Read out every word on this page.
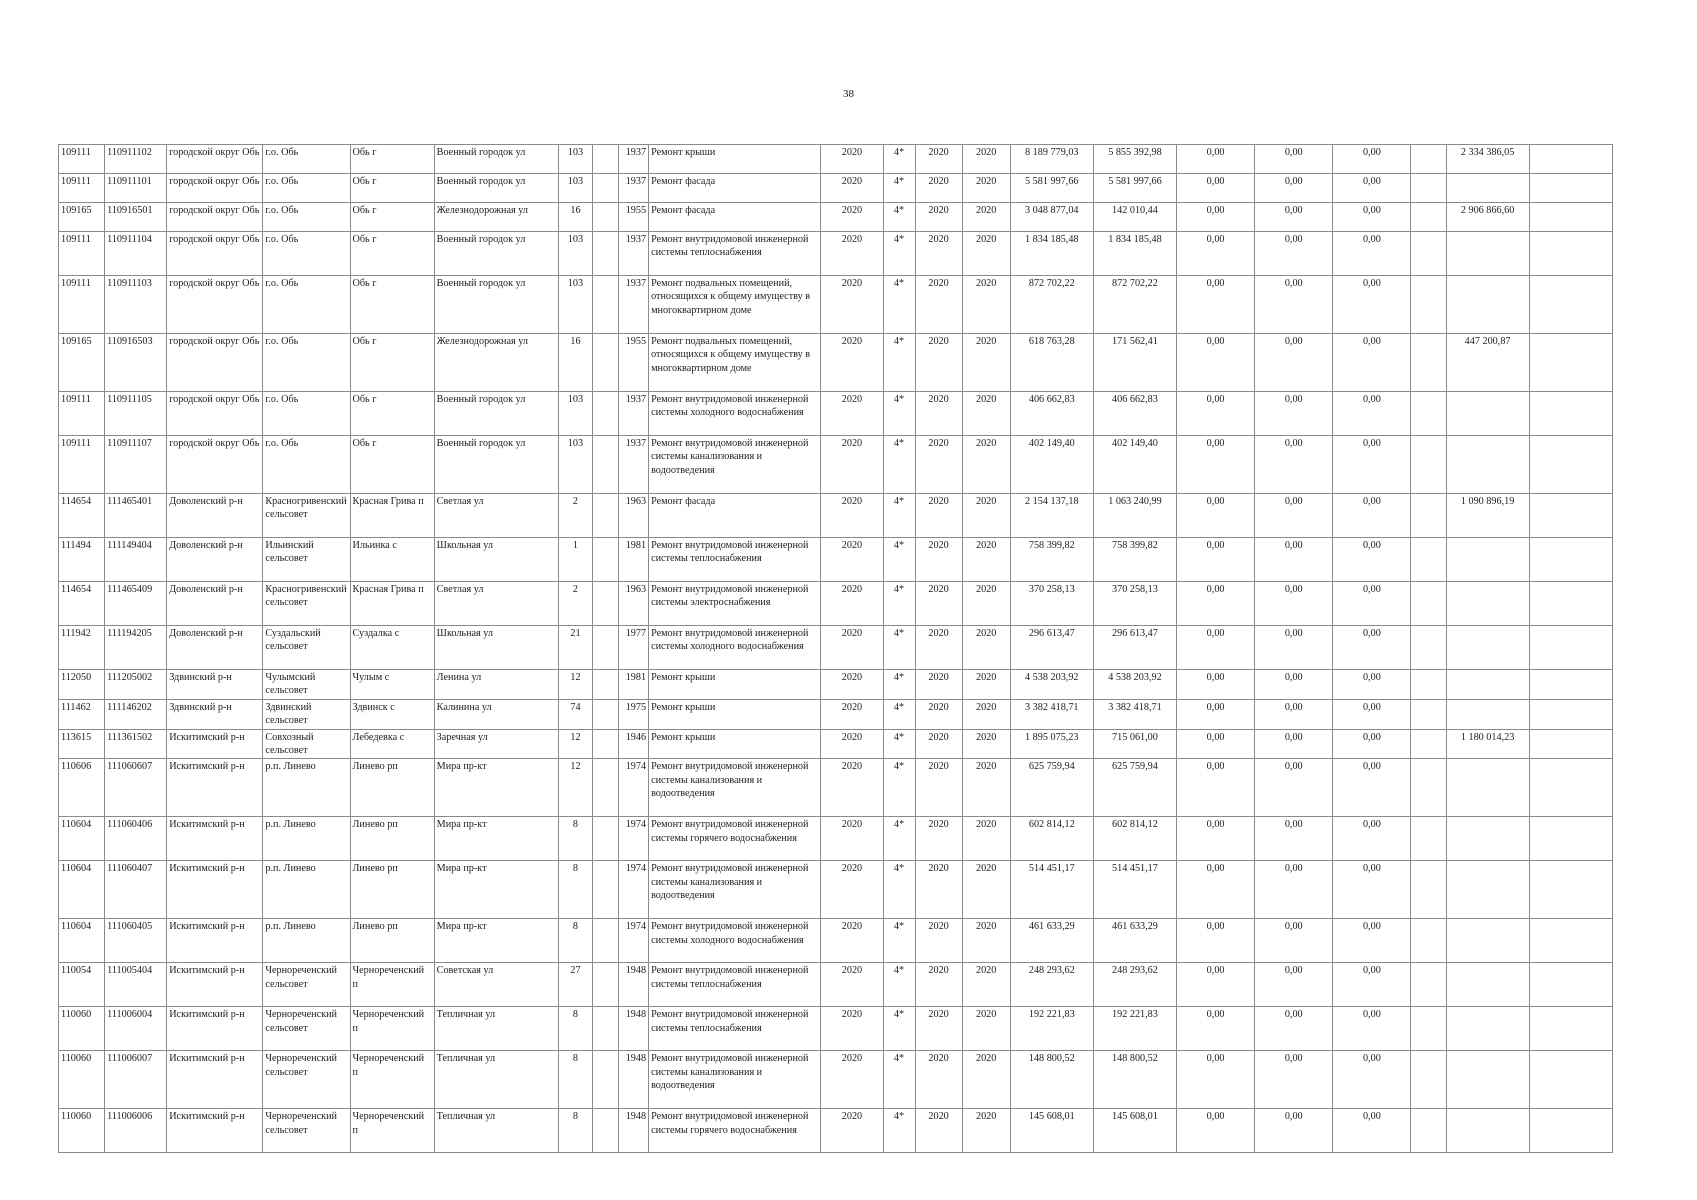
38
109111	110911102	городской округ Обь	г.о. Обь	Обь г	Военный городок ул	103		1937	Ремонт крыши	2020	4*	2020	2020	8 189 779,03	5 855 392,98	0,00	0,00	0,00		2 334 386,05	
109111	110911101	городской округ Обь	г.о. Обь	Обь г	Военный городок ул	103		1937	Ремонт фасада	2020	4*	2020	2020	5 581 997,66	5 581 997,66	0,00	0,00	0,00			
109165	110916501	городской округ Обь	г.о. Обь	Обь г	Железнодорожная ул	16		1955	Ремонт фасада	2020	4*	2020	2020	3 048 877,04	142 010,44	0,00	0,00	0,00		2 906 866,60	
109111	110911104	городской округ Обь	г.о. Обь	Обь г	Военный городок ул	103		1937	Ремонт внутридомовой инженерной системы теплоснабжения	2020	4*	2020	2020	1 834 185,48	1 834 185,48	0,00	0,00	0,00			
109111	110911103	городской округ Обь	г.о. Обь	Обь г	Военный городок ул	103		1937	Ремонт подвальных помещений, относящихся к общему имуществу в многоквартирном доме	2020	4*	2020	2020	872 702,22	872 702,22	0,00	0,00	0,00			
109165	110916503	городской округ Обь	г.о. Обь	Обь г	Железнодорожная ул	16		1955	Ремонт подвальных помещений, относящихся к общему имуществу в многоквартирном доме	2020	4*	2020	2020	618 763,28	171 562,41	0,00	0,00	0,00		447 200,87	
109111	110911105	городской округ Обь	г.о. Обь	Обь г	Военный городок ул	103		1937	Ремонт внутридомовой инженерной системы холодного водоснабжения	2020	4*	2020	2020	406 662,83	406 662,83	0,00	0,00	0,00			
109111	110911107	городской округ Обь	г.о. Обь	Обь г	Военный городок ул	103		1937	Ремонт внутридомовой инженерной системы канализования и водоотведения	2020	4*	2020	2020	402 149,40	402 149,40	0,00	0,00	0,00			
114654	111465401	Доволенский р-н	Красногривенский сельсовет	Красная Грива п	Светлая ул	2		1963	Ремонт фасада	2020	4*	2020	2020	2 154 137,18	1 063 240,99	0,00	0,00	0,00		1 090 896,19	
111494	111149404	Доволенский р-н	Ильинский сельсовет	Ильинка с	Школьная ул	1		1981	Ремонт внутридомовой инженерной системы теплоснабжения	2020	4*	2020	2020	758 399,82	758 399,82	0,00	0,00	0,00			
114654	111465409	Доволенский р-н	Красногривенский сельсовет	Красная Грива п	Светлая ул	2		1963	Ремонт внутридомовой инженерной системы электроснабжения	2020	4*	2020	2020	370 258,13	370 258,13	0,00	0,00	0,00			
111942	111194205	Доволенский р-н	Суздальский сельсовет	Суздалка с	Школьная ул	21		1977	Ремонт внутридомовой инженерной системы холодного водоснабжения	2020	4*	2020	2020	296 613,47	296 613,47	0,00	0,00	0,00			
112050	111205002	Здвинский р-н	Чулымский сельсовет	Чулым с	Ленина ул	12		1981	Ремонт крыши	2020	4*	2020	2020	4 538 203,92	4 538 203,92	0,00	0,00	0,00			
111462	111146202	Здвинский р-н	Здвинский сельсовет	Здвинск с	Калинина ул	74		1975	Ремонт крыши	2020	4*	2020	2020	3 382 418,71	3 382 418,71	0,00	0,00	0,00			
113615	111361502	Искитимский р-н	Совхозный сельсовет	Лебедевка с	Заречная ул	12		1946	Ремонт крыши	2020	4*	2020	2020	1 895 075,23	715 061,00	0,00	0,00	0,00		1 180 014,23	
110606	111060607	Искитимский р-н	р.п. Линево	Линево рп	Мира пр-кт	12		1974	Ремонт внутридомовой инженерной системы канализования и водоотведения	2020	4*	2020	2020	625 759,94	625 759,94	0,00	0,00	0,00			
110604	111060406	Искитимский р-н	р.п. Линево	Линево рп	Мира пр-кт	8		1974	Ремонт внутридомовой инженерной системы горячего водоснабжения	2020	4*	2020	2020	602 814,12	602 814,12	0,00	0,00	0,00			
110604	111060407	Искитимский р-н	р.п. Линево	Линево рп	Мира пр-кт	8		1974	Ремонт внутридомовой инженерной системы канализования и водоотведения	2020	4*	2020	2020	514 451,17	514 451,17	0,00	0,00	0,00			
110604	111060405	Искитимский р-н	р.п. Линево	Линево рп	Мира пр-кт	8		1974	Ремонт внутридомовой инженерной системы холодного водоснабжения	2020	4*	2020	2020	461 633,29	461 633,29	0,00	0,00	0,00			
110054	111005404	Искитимский р-н	Чернореченский сельсовет	Чернореченский п	Советская ул	27		1948	Ремонт внутридомовой инженерной системы теплоснабжения	2020	4*	2020	2020	248 293,62	248 293,62	0,00	0,00	0,00			
110060	111006004	Искитимский р-н	Чернореченский сельсовет	Чернореченский п	Тепличная ул	8		1948	Ремонт внутридомовой инженерной системы теплоснабжения	2020	4*	2020	2020	192 221,83	192 221,83	0,00	0,00	0,00			
110060	111006007	Искитимский р-н	Чернореченский сельсовет	Чернореченский п	Тепличная ул	8		1948	Ремонт внутридомовой инженерной системы канализования и водоотведения	2020	4*	2020	2020	148 800,52	148 800,52	0,00	0,00	0,00			
110060	111006006	Искитимский р-н	Чернореченский сельсовет	Чернореченский п	Тепличная ул	8		1948	Ремонт внутридомовой инженерной системы горячего водоснабжения	2020	4*	2020	2020	145 608,01	145 608,01	0,00	0,00	0,00			
